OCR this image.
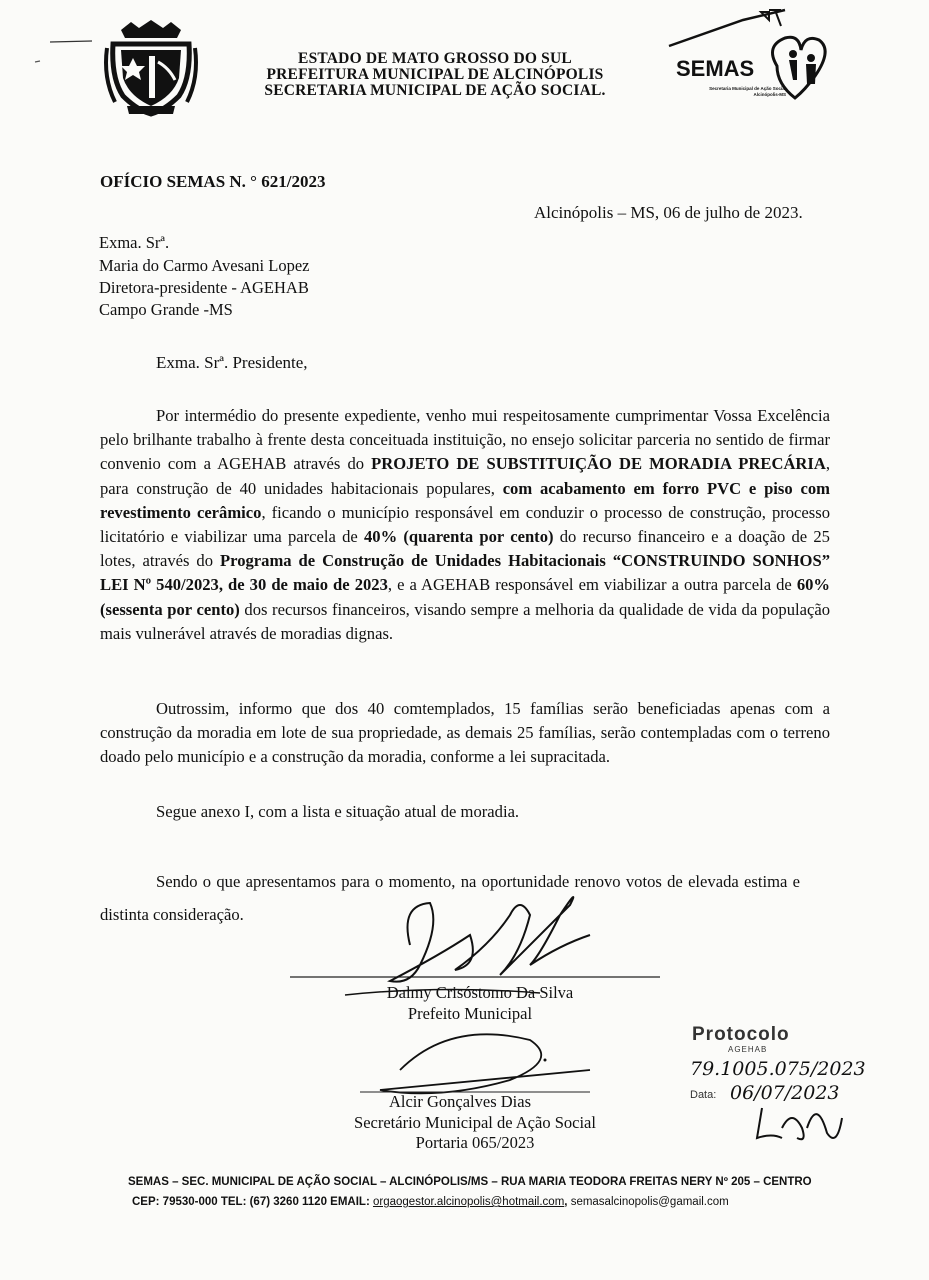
ESTADO DE MATO GROSSO DO SUL
PREFEITURA MUNICIPAL DE ALCINÓPOLIS
SECRETARIA MUNICIPAL DE AÇÃO SOCIAL.
SEMAS
Secretaria Municipal de Ação Social
Alcinópolis-MS
OFÍCIO SEMAS N. ° 621/2023
Alcinópolis – MS, 06 de julho de 2023.
Exma. Srª.
Maria do Carmo Avesani Lopez
Diretora-presidente - AGEHAB
Campo Grande -MS
Exma. Srª. Presidente,
Por intermédio do presente expediente, venho mui respeitosamente cumprimentar Vossa Excelência pelo brilhante trabalho à frente desta conceituada instituição, no ensejo solicitar parceria no sentido de firmar convenio com a AGEHAB através do PROJETO DE SUBSTITUIÇÃO DE MORADIA PRECÁRIA, para construção de 40 unidades habitacionais populares, com acabamento em forro PVC e piso com revestimento cerâmico, ficando o município responsável em conduzir o processo de construção, processo licitatório e viabilizar uma parcela de 40% (quarenta por cento) do recurso financeiro e a doação de 25 lotes, através do Programa de Construção de Unidades Habitacionais “CONSTRUINDO SONHOS” LEI Nº 540/2023, de 30 de maio de 2023, e a AGEHAB responsável em viabilizar a outra parcela de 60% (sessenta por cento) dos recursos financeiros, visando sempre a melhoria da qualidade de vida da população mais vulnerável através de moradias dignas.
Outrossim, informo que dos 40 comtemplados, 15 famílias serão beneficiadas apenas com a construção da moradia em lote de sua propriedade, as demais 25 famílias, serão contempladas com o terreno doado pelo município e a construção da moradia, conforme a lei supracitada.
Segue anexo I, com a lista e situação atual de moradia.
Sendo o que apresentamos para o momento, na oportunidade renovo votos de elevada estima e distinta consideração.
Dalmy Crisóstomo Da Silva
Prefeito Municipal
Alcir Gonçalves Dias
Secretário Municipal de Ação Social
Portaria 065/2023
Protocolo
AGEHAB
79.1005.075/2023
Data: 06/07/2023
SEMAS – SEC. MUNICIPAL DE AÇÃO SOCIAL – ALCINÓPOLIS/MS – RUA MARIA TEODORA FREITAS NERY Nº 205 – CENTRO
CEP: 79530-000 TEL: (67) 3260 1120 EMAIL: orgaogestor.alcinopolis@hotmail.com, semasalcinopolis@gamail.com
